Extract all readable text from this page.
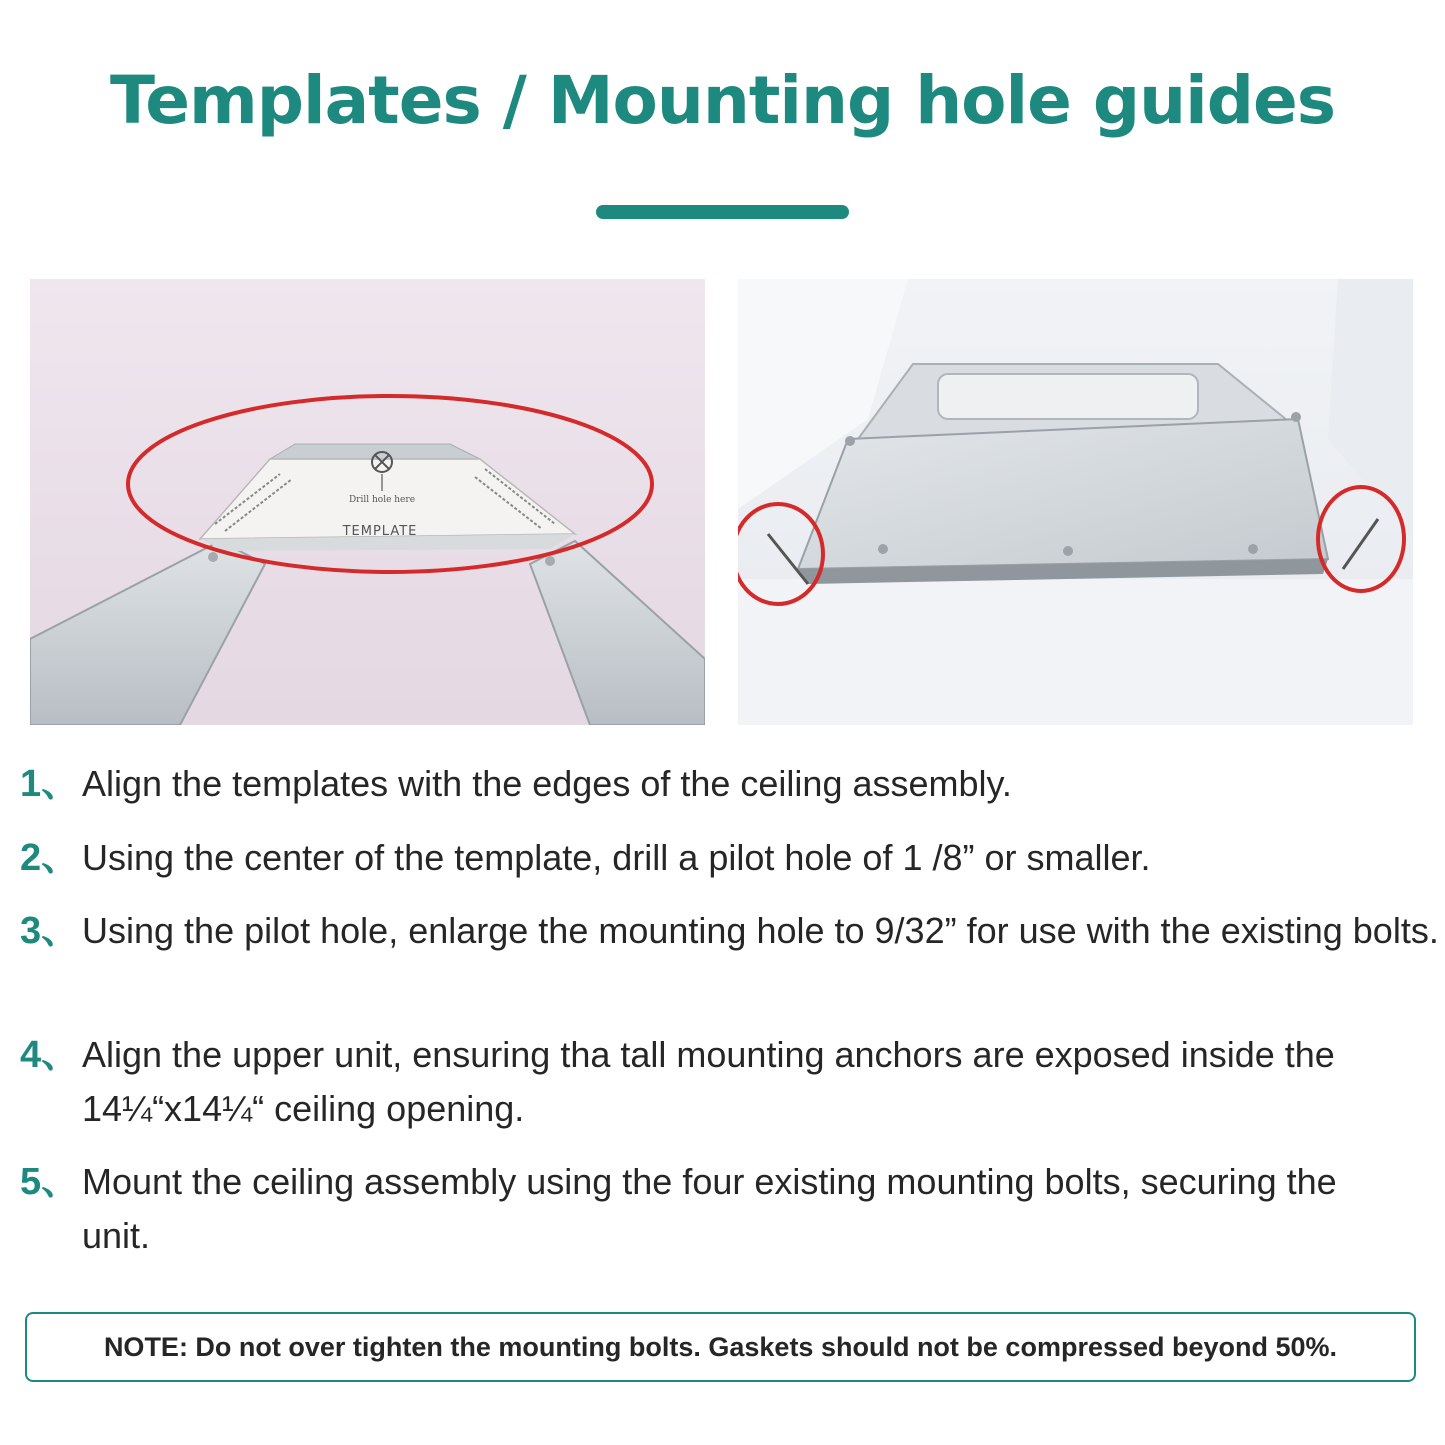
Templates / Mounting hole guides
Drill hole here
TEMPLATE
1、 Align the templates with the edges of the ceiling assembly.
2、 Using the center of the template, drill a pilot hole of 1 /8” or smaller.
3、 Using the pilot hole, enlarge the mounting hole to 9/32” for use with the existing bolts.
4、 Align the upper unit, ensuring tha tall mounting anchors are exposed inside the 14¼“x14¼“ ceiling opening.
5、 Mount the ceiling assembly using the four existing mounting bolts, securing the unit.
NOTE: Do not over tighten the mounting bolts. Gaskets should not be compressed beyond 50%.
